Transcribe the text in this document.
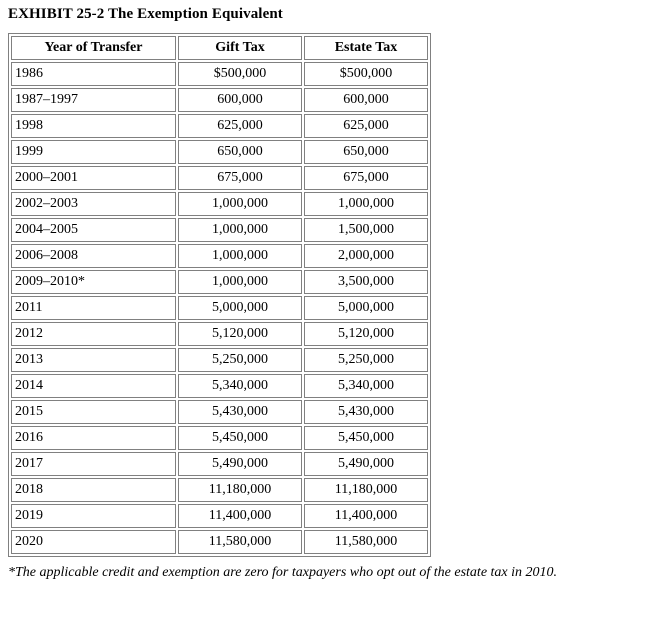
EXHIBIT 25-2 The Exemption Equivalent
Year of Transfer	Gift Tax	Estate Tax
1986	$500,000	$500,000
1987–1997	600,000	600,000
1998	625,000	625,000
1999	650,000	650,000
2000–2001	675,000	675,000
2002–2003	1,000,000	1,000,000
2004–2005	1,000,000	1,500,000
2006–2008	1,000,000	2,000,000
2009–2010*	1,000,000	3,500,000
2011	5,000,000	5,000,000
2012	5,120,000	5,120,000
2013	5,250,000	5,250,000
2014	5,340,000	5,340,000
2015	5,430,000	5,430,000
2016	5,450,000	5,450,000
2017	5,490,000	5,490,000
2018	11,180,000	11,180,000
2019	11,400,000	11,400,000
2020	11,580,000	11,580,000
*The applicable credit and exemption are zero for taxpayers who opt out of the estate tax in 2010.
